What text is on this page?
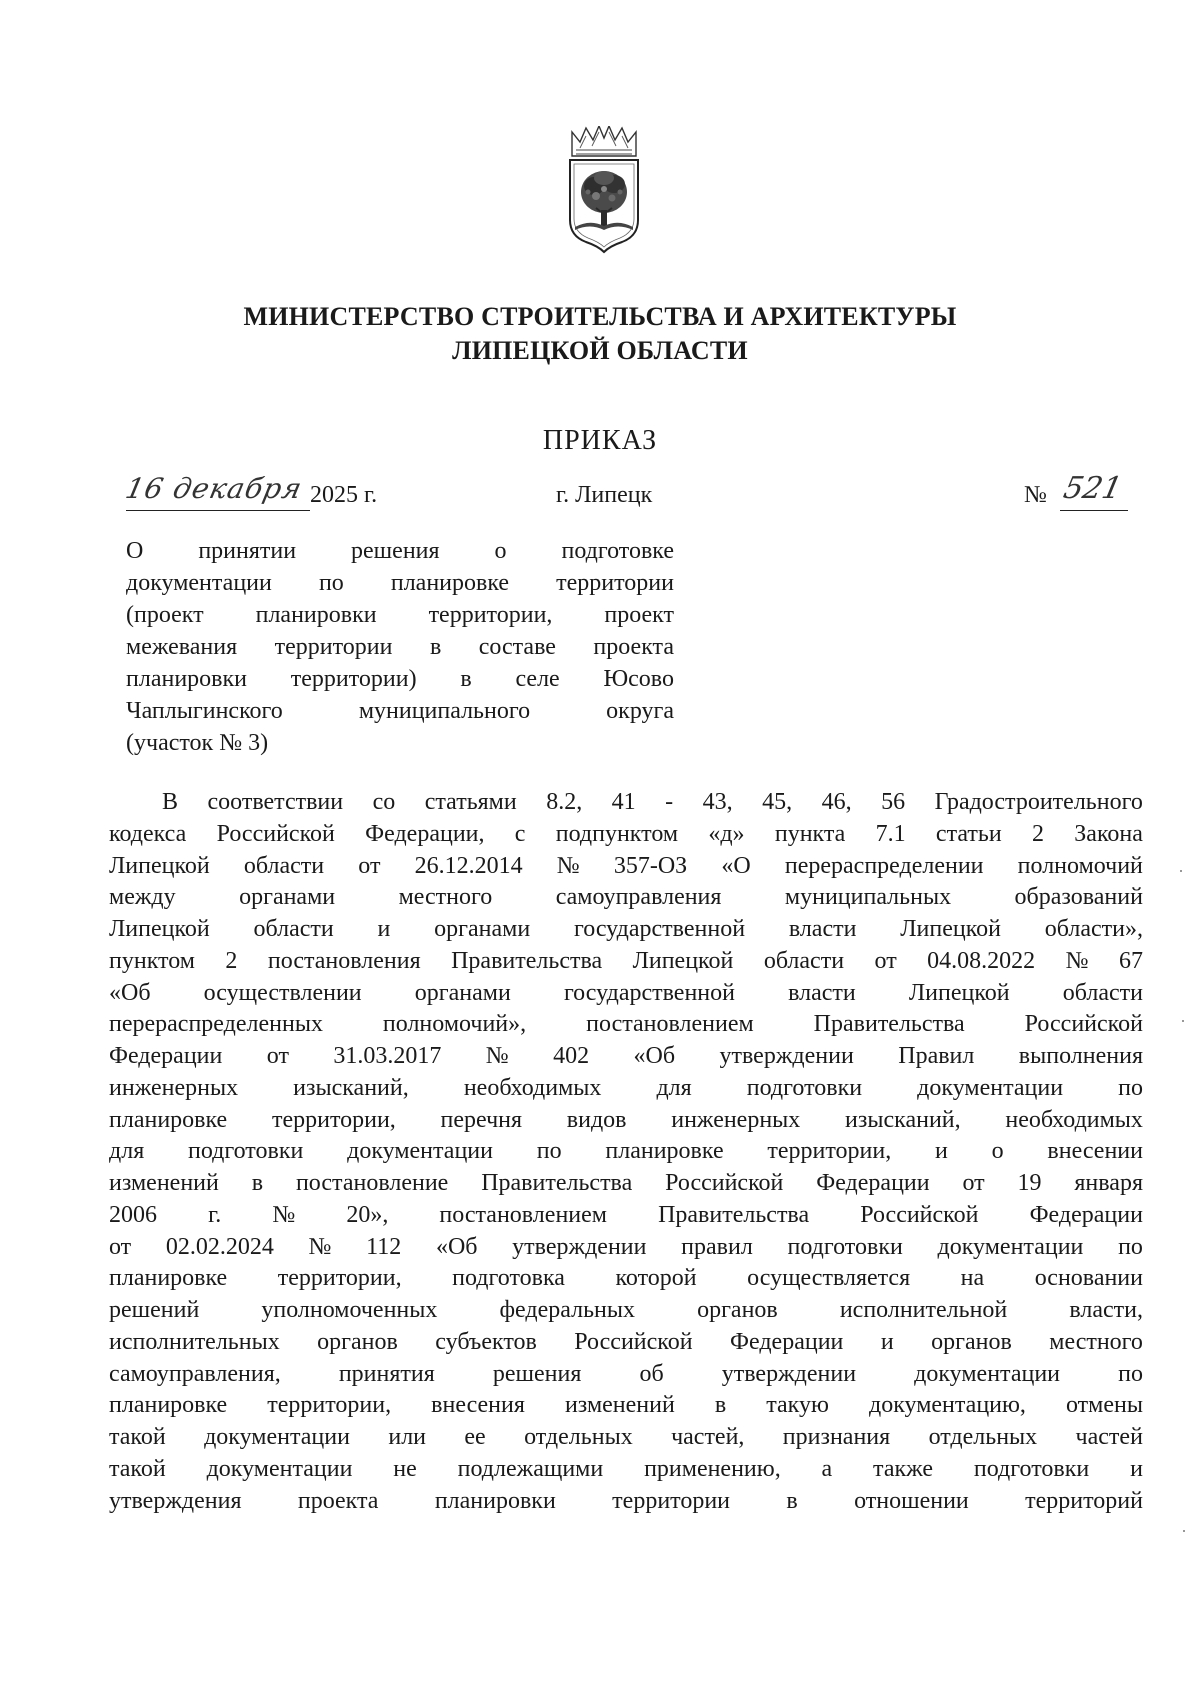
МИНИСТЕРСТВО СТРОИТЕЛЬСТВА И АРХИТЕКТУРЫ
ЛИПЕЦКОЙ ОБЛАСТИ
ПРИКАЗ
16 декабря 2025 г.	г. Липецк	№ 521
О принятии решения о подготовке
документации по планировке территории
(проект планировки территории, проект
межевания территории в составе проекта
планировки территории) в селе Юсово
Чаплыгинского	муниципального	округа
(участок № 3)
В соответствии со статьями 8.2, 41 - 43, 45, 46, 56 Градостроительного
кодекса Российской Федерации, с подпунктом «д» пункта 7.1 статьи 2 Закона
Липецкой области от 26.12.2014 № 357-ОЗ «О перераспределении полномочий
между	органами	местного	самоуправления	муниципальных	образований
Липецкой области и органами государственной власти Липецкой области»,
пунктом 2 постановления Правительства Липецкой области от 04.08.2022 № 67
«Об осуществлении органами государственной власти Липецкой области
перераспределенных полномочий», постановлением Правительства Российской
Федерации от 31.03.2017 № 402 «Об утверждении Правил выполнения
инженерных изысканий, необходимых для подготовки документации по
планировке территории, перечня видов инженерных изысканий, необходимых
для подготовки документации по планировке территории, и о внесении
изменений в постановление Правительства Российской Федерации от 19 января
2006 г. № 20», постановлением Правительства Российской Федерации
от 02.02.2024 № 112 «Об утверждении правил подготовки документации по
планировке территории, подготовка которой осуществляется на основании
решений	уполномоченных	федеральных	органов	исполнительной	власти,
исполнительных органов субъектов Российской Федерации и органов местного
самоуправления, принятия решения об утверждении документации по
планировке территории, внесения изменений в такую документацию, отмены
такой документации или ее отдельных частей, признания отдельных частей
такой документации не подлежащими применению, а также подготовки и
утверждения проекта планировки территории в отношении территорий
